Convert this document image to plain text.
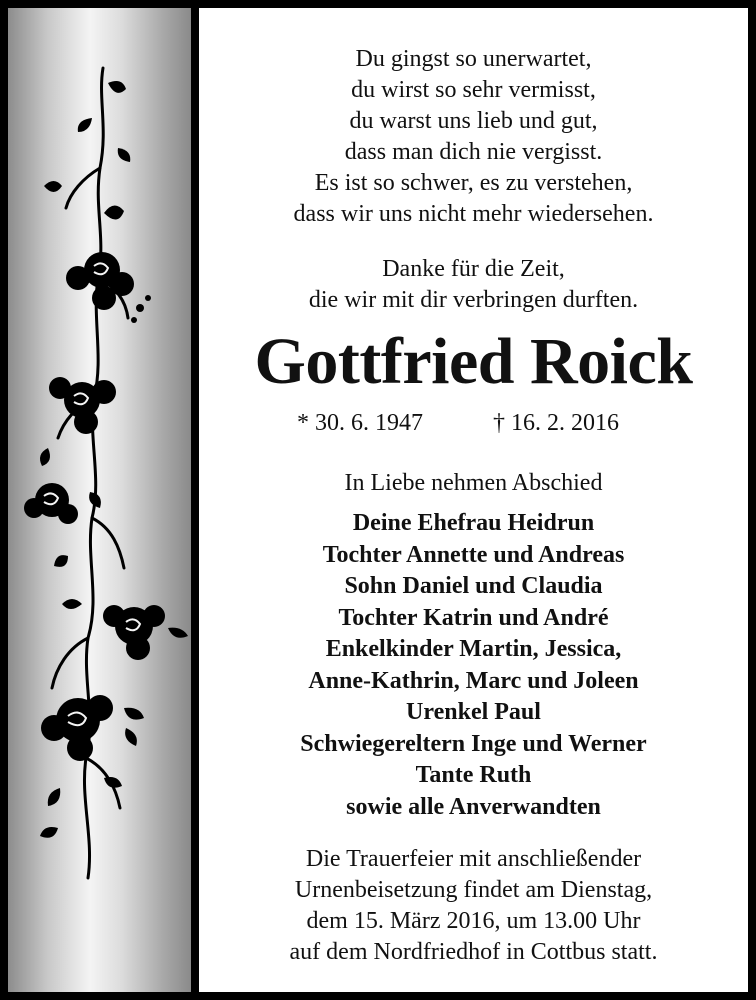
Du gingst so unerwartet,
du wirst so sehr vermisst,
du warst uns lieb und gut,
dass man dich nie vergisst.
Es ist so schwer, es zu verstehen,
dass wir uns nicht mehr wiedersehen.
Danke für die Zeit,
die wir mit dir verbringen durften.
Gottfried Roick
* 30. 6. 1947	† 16. 2. 2016
In Liebe nehmen Abschied
Deine Ehefrau Heidrun
Tochter Annette und Andreas
Sohn Daniel und Claudia
Tochter Katrin und André
Enkelkinder Martin, Jessica,
Anne-Kathrin, Marc und Joleen
Urenkel Paul
Schwiegereltern Inge und Werner
Tante Ruth
sowie alle Anverwandten
Die Trauerfeier mit anschließender
Urnenbeisetzung findet am Dienstag,
dem 15. März 2016, um 13.00 Uhr
auf dem Nordfriedhof in Cottbus statt.
